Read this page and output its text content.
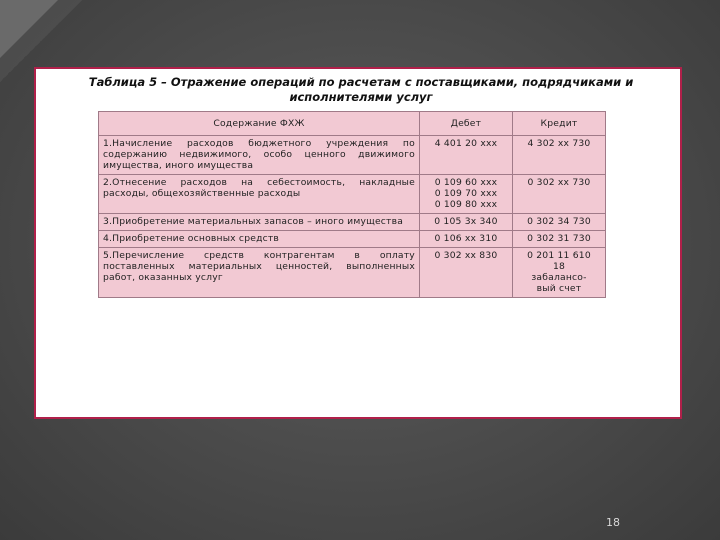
Таблица 5 – Отражение операций по расчетам с поставщиками, подрядчиками и исполнителями услуг
Содержание ФХЖ	Дебет	Кредит
1.Начисление расходов бюджетного учреждения по содержанию недвижимого, особо ценного движимого имущества, иного имущества	4 401 20 ххх	4 302 хх 730

2.Отнесение расходов на себестоимость, накладные расходы, общехозяйственные расходы	0 109 60 ххх
0 109 70 ххх
0 109 80 ххх	0 302 хх 730

3.Приобретение материальных запасов – иного имущества	0 105 3х 340	0 302 34 730

4.Приобретение основных средств	0 106 хх 310	0 302 31 730

5.Перечисление средств контрагентам в оплату поставленных материальных ценностей, выполненных работ, оказанных услуг	0 302 хх 830	0 201 11 610
18
забалансо-
вый счет
18
